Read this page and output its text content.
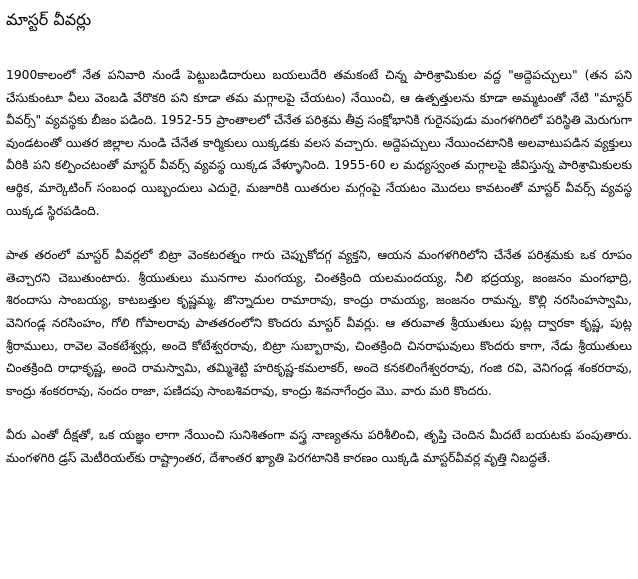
మాస్టర్ వీవర్లు

1900కాలంలో నేత పనివారి నుండే పెట్టుబడిదారులు బయలుదేరి తమకంటే చిన్న పారిశ్రామికుల వద్ద "అద్దెపచ్చులు" (తన పని చేసుకుంటూ వీలు వెంబడి వేరొకరి పని కూడా తమ మగ్గాలపై చేయటం) నేయించి, ఆ ఉత్పత్తులను కూడా అమ్మటంతో నేటి "మాస్టర్ వీవర్స్" వ్యవస్థకు బీజం పడింది. 1952-55 ప్రాంతాలలో చేనేత పరిశ్రమ తీవ్ర సంక్షోభానికి గురైనపుడు మంగళగిరిలో పరిస్థితి మెరుగుగా వుండటంతో యితర జిల్లాల నుండి చేనేత కార్మికులు యిక్కడకు వలస వచ్చారు. అద్దెపచ్చులు నేయించటానికి అలవాటుపడిన వ్యక్తులు వీరికి పని కల్పించటంతో మాస్టర్ వీవర్స్ వ్యవస్థ యిక్కడ వేళ్ళూనింది. 1955-60 ల మధ్యస్వంత మగ్గాలపై జీవిస్తున్న పారిశ్రామికులకు ఆర్థిక, మార్కెటింగ్ సంబంధ యిబ్బందులు ఎదురై, మజూరికి యితరుల మగ్గంపై నేయటం మొదలు కావటంతో మాస్టర్ వీవర్స్ వ్యవస్థ యిక్కడ స్థిరపడింది.

పాత తరంలో మాస్టర్ వీవర్లలో బిట్రా వెంకటరత్నం గారు చెప్పుకోదగ్గ వ్యక్తని, ఆయన మంగళగిరిలోని చేనేత పరిశ్రమకు ఒక రూపం తెచ్చారని చెబుతుంటారు. శ్రీయుతులు మునగాల మంగయ్య, చింతక్రింది యలమందయ్య, నీలి భద్రయ్య, జంజనం మంగభాద్రి, శిరందాసు సాంబయ్య, కాటబత్తుల కృష్ణమ్మ, జొన్నాదుల రామారావు, కాంద్రు రామయ్య, జంజనం రామన్న, కొల్లి నరసింహస్వామి, వెనిగండ్ల నరసింహం, గోలి గోపాలరావు పాతతరంలోని కొందరు మాస్టర్ వీవర్లు. ఆ తరువాత శ్రీయుతులు పుట్ల ద్వారకా కృష్ణ, పుట్ల శ్రీరాములు, రావెల వెంకటేశ్వర్లు, అందె కోటేశ్వరరావు, బిట్రా సుబ్బారావు, చింతక్రింది చినరాఘవులు కొందరు కాగా, నేడు శ్రీయుతులు చింతక్రింది రాధాకృష్ణ, అందె రామస్వామి, తమ్మిశెట్టి హరికృష్ణ-కమలాకర్, అందె కనకలింగేశ్వరరావు, గంజి రవి, వెనిగండ్ల శంకరరావు, కాంద్రు శంకరరావు, నందం రాజా, పణిదపు సాంబశివరావు, కాంద్రు శివనాగేంద్రం మొ. వారు మరి కొందరు.

వీరు ఎంతో దీక్షతో, ఒక యజ్ఞం లాగా నేయించి సునిశితంగా వస్త్ర నాణ్యతను పరిశీలించి, తృప్తి చెందిన మీదటే బయటకు పంపుతారు. మంగళగిరి డ్రస్ మెటీరియల్‌కు రాష్ట్రాంతర, దేశాంతర ఖ్యాతి పెరగటానికి కారణం యిక్కడి మాస్టర్‌వీవర్ల వృత్తి నిబద్ధతే.
